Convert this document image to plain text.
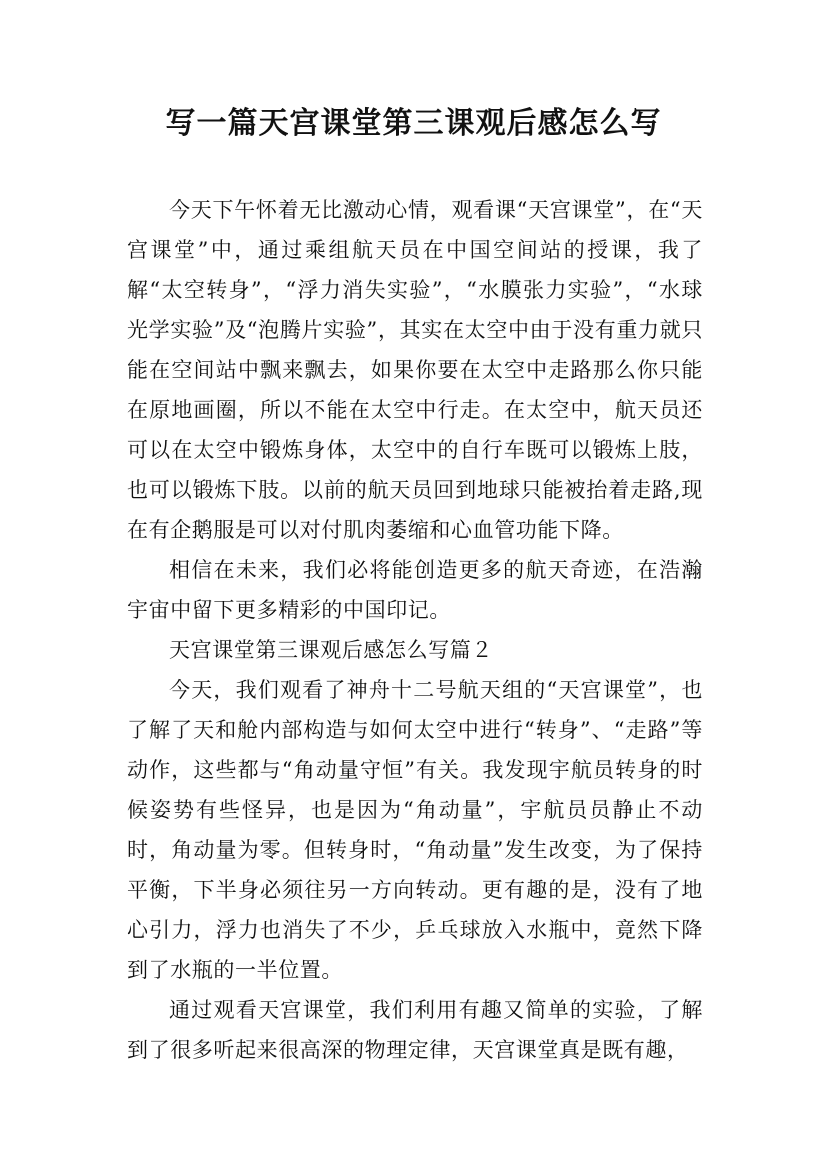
写一篇天宫课堂第三课观后感怎么写

今天下午怀着无比激动心情，观看课“天宫课堂”，在“天宫课堂”中，通过乘组航天员在中国空间站的授课，我了解“太空转身”，“浮力消失实验”，“水膜张力实验”，“水球光学实验”及“泡腾片实验”，其实在太空中由于没有重力就只能在空间站中飘来飘去，如果你要在太空中走路那么你只能在原地画圈，所以不能在太空中行走。在太空中，航天员还可以在太空中锻炼身体，太空中的自行车既可以锻炼上肢，也可以锻炼下肢。以前的航天员回到地球只能被抬着走路,现在有企鹅服是可以对付肌肉萎缩和心血管功能下降。

相信在未来，我们必将能创造更多的航天奇迹，在浩瀚宇宙中留下更多精彩的中国印记。

天宫课堂第三课观后感怎么写篇２

今天，我们观看了神舟十二号航天组的“天宫课堂”，也了解了天和舱内部构造与如何太空中进行“转身”、“走路”等动作，这些都与“角动量守恒”有关。我发现宇航员转身的时候姿势有些怪异，也是因为“角动量”，宇航员员静止不动时，角动量为零。但转身时，“角动量”发生改变，为了保持平衡，下半身必须往另一方向转动。更有趣的是，没有了地心引力，浮力也消失了不少，乒乓球放入水瓶中，竟然下降到了水瓶的一半位置。

通过观看天宫课堂，我们利用有趣又简单的实验，了解到了很多听起来很高深的物理定律，天宫课堂真是既有趣，
